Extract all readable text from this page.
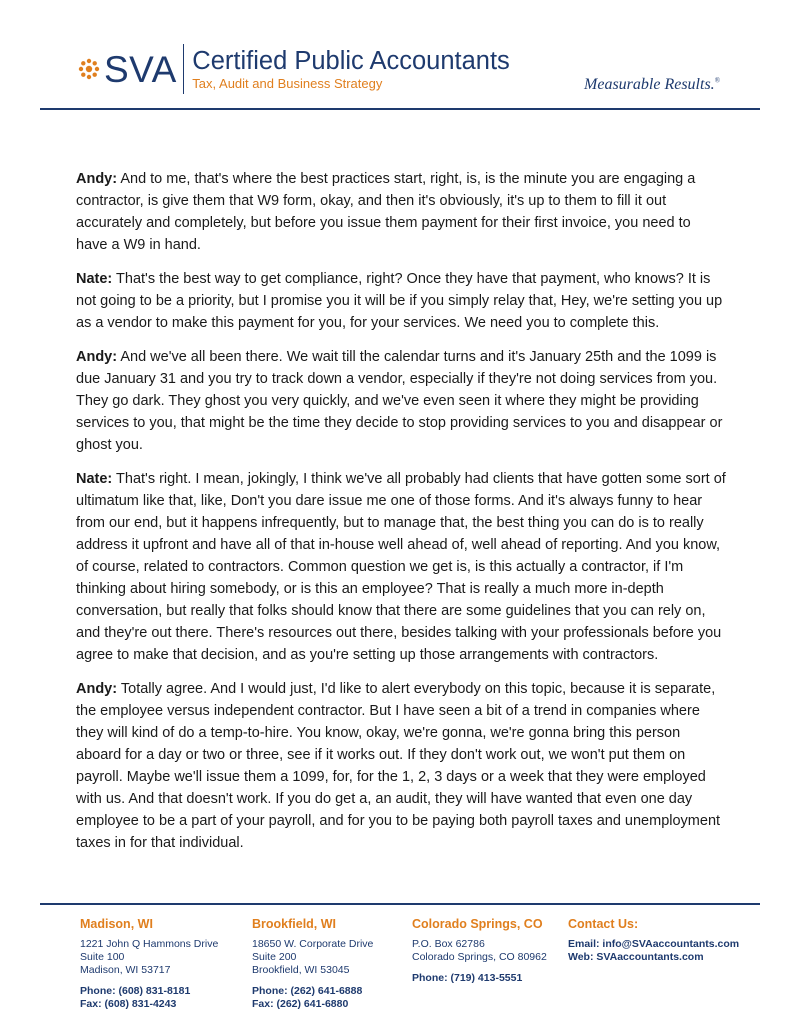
SVA Certified Public Accountants
Tax, Audit and Business Strategy	Measurable Results.®

Andy: And to me, that's where the best practices start, right, is, is the minute you are engaging a contractor, is give them that W9 form, okay, and then it's obviously, it's up to them to fill it out accurately and completely, but before you issue them payment for their first invoice, you need to have a W9 in hand.

Nate: That's the best way to get compliance, right? Once they have that payment, who knows? It is not going to be a priority, but I promise you it will be if you simply relay that, Hey, we're setting you up as a vendor to make this payment for you, for your services. We need you to complete this.

Andy: And we've all been there. We wait till the calendar turns and it's January 25th and the 1099 is due January 31 and you try to track down a vendor, especially if they're not doing services from you. They go dark. They ghost you very quickly, and we've even seen it where they might be providing services to you, that might be the time they decide to stop providing services to you and disappear or ghost you.

Nate: That's right. I mean, jokingly, I think we've all probably had clients that have gotten some sort of ultimatum like that, like, Don't you dare issue me one of those forms. And it's always funny to hear from our end, but it happens infrequently, but to manage that, the best thing you can do is to really address it upfront and have all of that in-house well ahead of, well ahead of reporting. And you know, of course, related to contractors. Common question we get is, is this actually a contractor, if I'm thinking about hiring somebody, or is this an employee? That is really a much more in-depth conversation, but really that folks should know that there are some guidelines that you can rely on, and they're out there. There's resources out there, besides talking with your professionals before you agree to make that decision, and as you're setting up those arrangements with contractors.

Andy: Totally agree. And I would just, I'd like to alert everybody on this topic, because it is separate, the employee versus independent contractor. But I have seen a bit of a trend in companies where they will kind of do a temp-to-hire. You know, okay, we're gonna, we're gonna bring this person aboard for a day or two or three, see if it works out. If they don't work out, we won't put them on payroll. Maybe we'll issue them a 1099, for, for the 1, 2, 3 days or a week that they were employed with us. And that doesn't work. If you do get a, an audit, they will have wanted that even one day employee to be a part of your payroll, and for you to be paying both payroll taxes and unemployment taxes in for that individual.

Madison, WI
1221 John Q Hammons Drive
Suite 100
Madison, WI 53717
Phone: (608) 831-8181
Fax: (608) 831-4243
Brookfield, WI
18650 W. Corporate Drive
Suite 200
Brookfield, WI 53045
Phone: (262) 641-6888
Fax: (262) 641-6880
Colorado Springs, CO
P.O. Box 62786
Colorado Springs, CO 80962
Phone: (719) 413-5551
Contact Us:
Email: info@SVAaccountants.com
Web: SVAaccountants.com
